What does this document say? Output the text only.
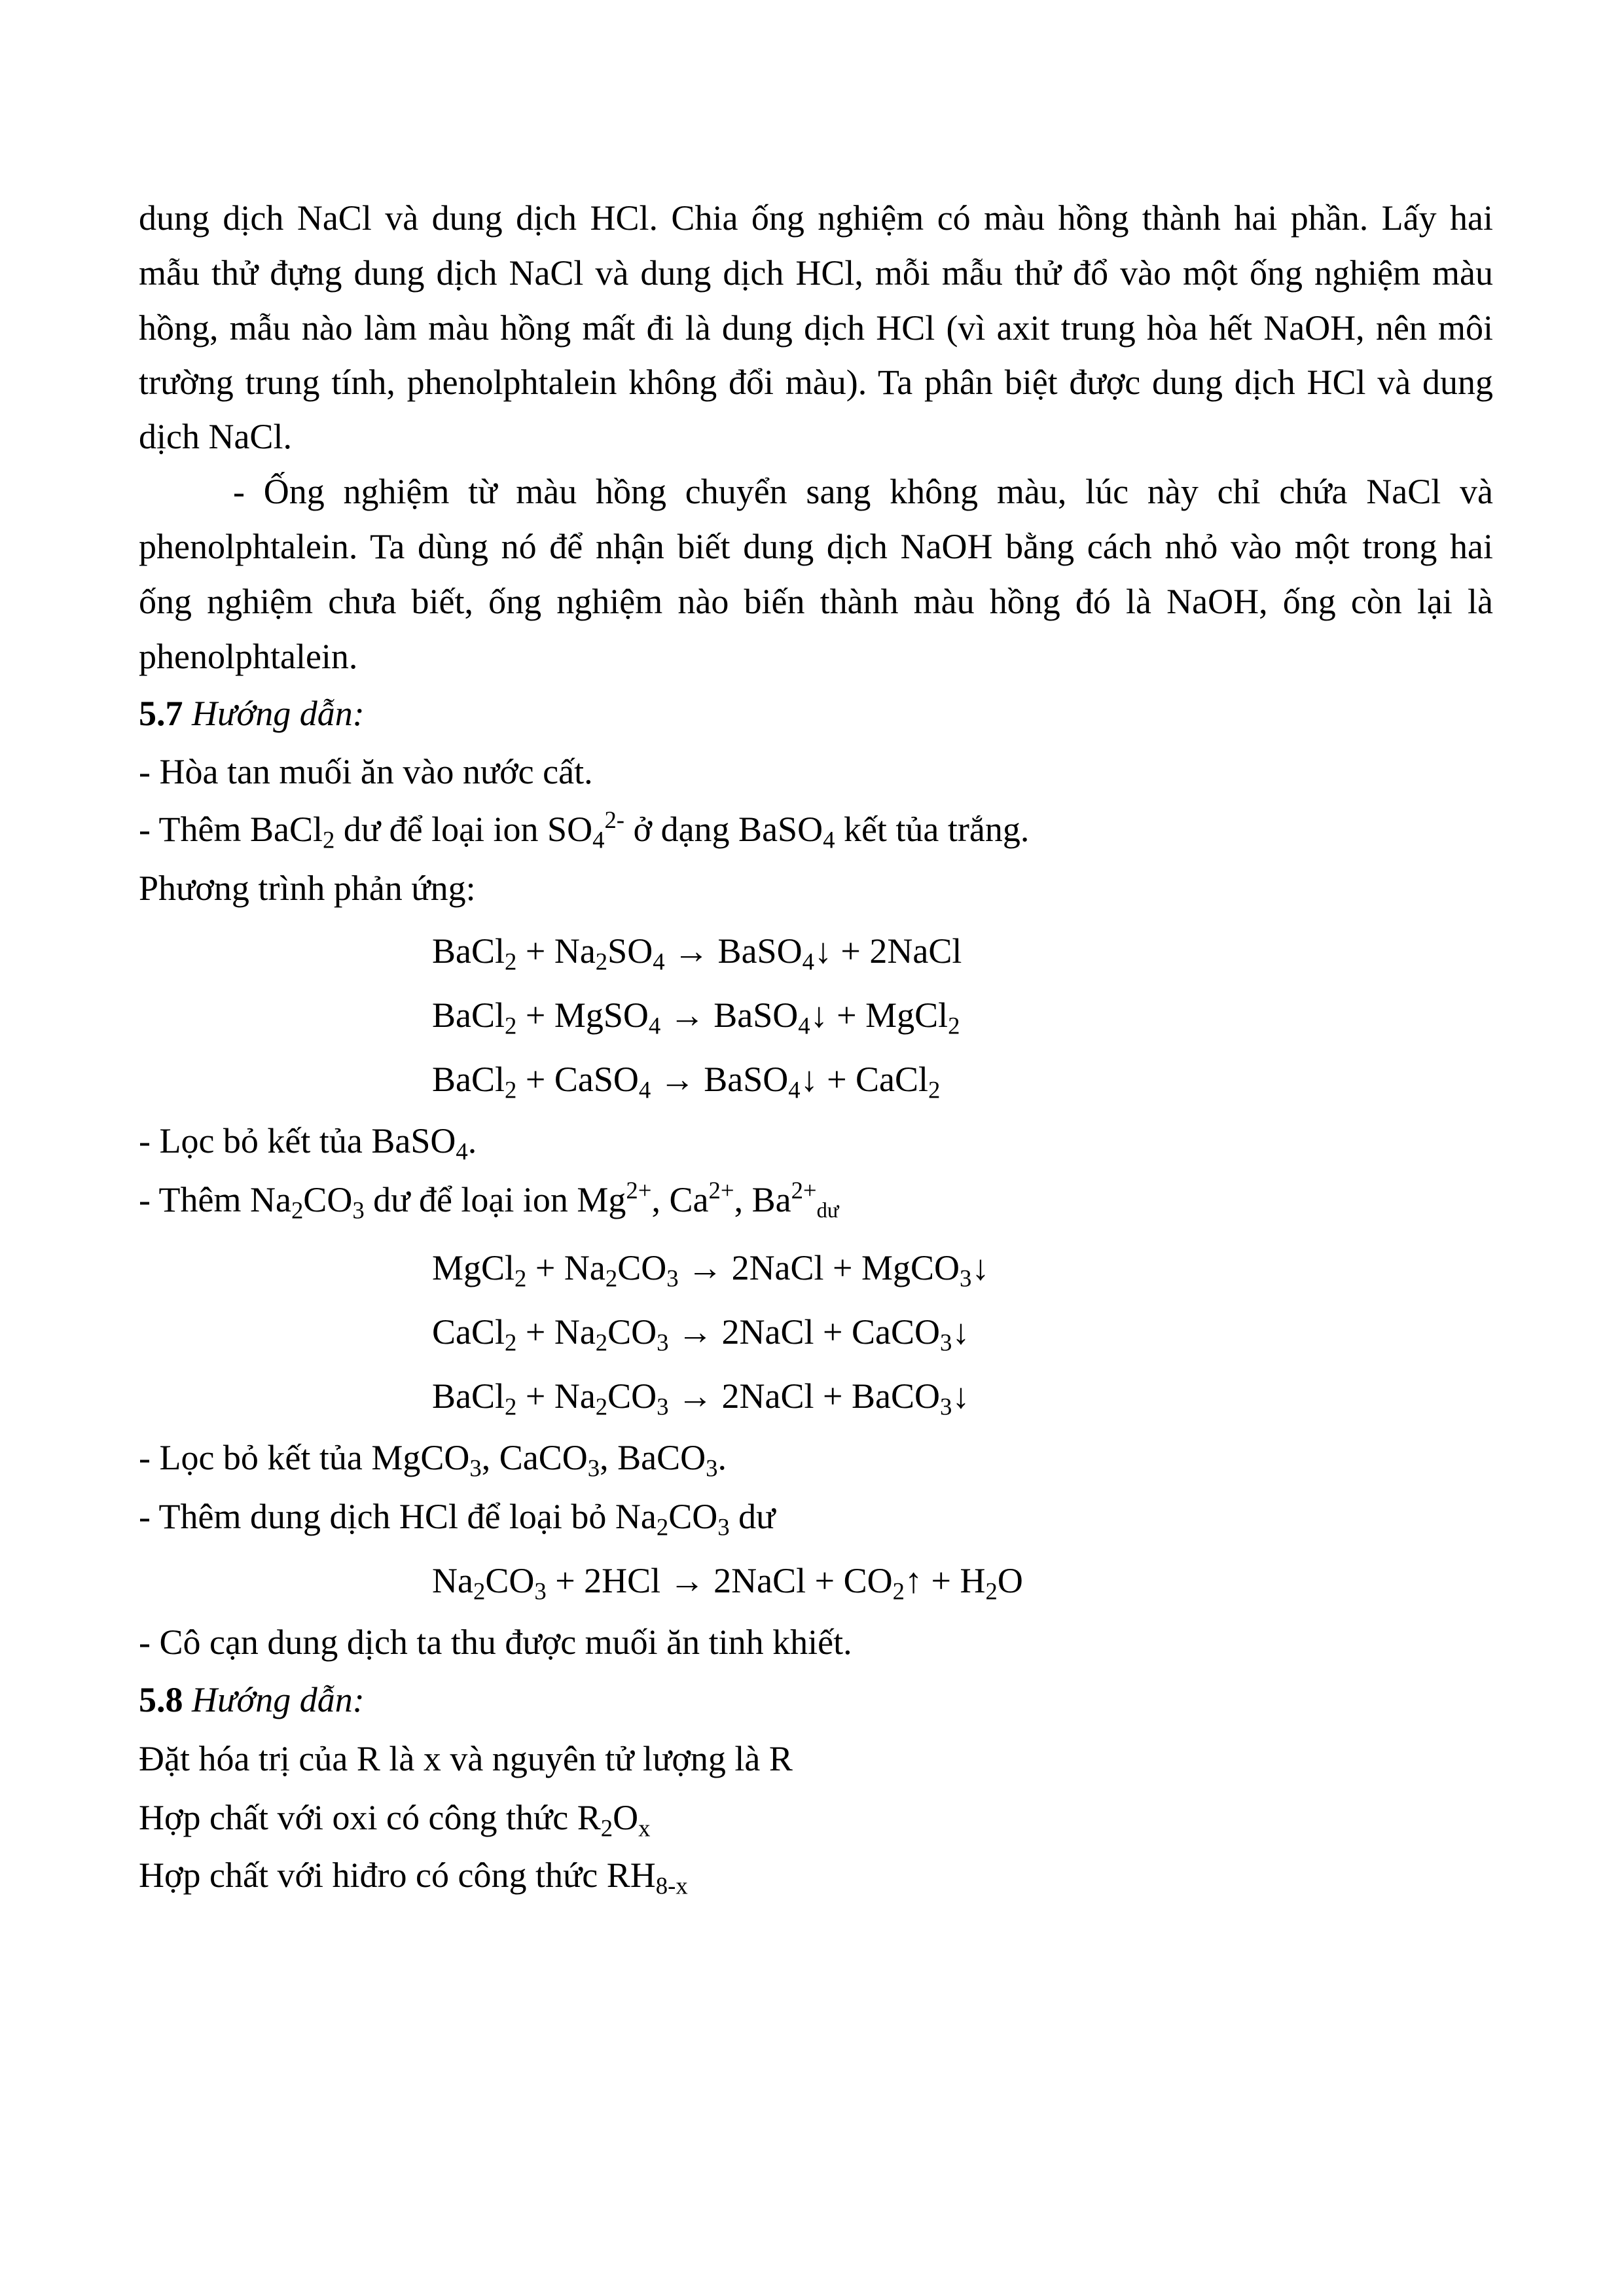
dung dịch NaCl và dung dịch HCl. Chia ống nghiệm có màu hồng thành hai phần. Lấy hai
mẫu thử đựng dung dịch NaCl và dung dịch HCl, mỗi mẫu thử đổ vào một ống nghiệm màu
hồng, mẫu nào làm màu hồng mất đi là dung dịch HCl (vì axit trung hòa hết NaOH, nên môi
trường trung tính, phenolphtalein không đổi màu). Ta phân biệt được dung dịch HCl và dung
dịch NaCl.
- Ống nghiệm từ màu hồng chuyển sang không màu, lúc này chỉ chứa NaCl và
phenolphtalein. Ta dùng nó để nhận biết dung dịch NaOH bằng cách nhỏ vào một trong hai
ống nghiệm chưa biết, ống nghiệm nào biến thành màu hồng đó là NaOH, ống còn lại là
phenolphtalein.
5.7 Hướng dẫn:
- Hòa tan muối ăn vào nước cất.
- Thêm BaCl$_2$ dư để loại ion $SO_4^{2-}$ ở dạng BaSO$_4$ kết tủa trắng.
Phương trình phản ứng:
BaCl$_2$ + $Na_2SO_4$ → BaSO$_4$↓ + 2NaCl
BaCl$_2$ + MgSO$_4$ → BaSO$_4$↓ + MgCl$_2$
BaCl$_2$ + CaSO$_4$ → BaSO$_4$↓ + CaCl$_2$
- Lọc bỏ kết tủa BaSO$_4$.
- Thêm $Na_2CO_3$ dư để loại ion $Mg^{2+}$, $Ca^{2+}$, $Ba^{2+}_{dư}$
MgCl$_2$ + $Na_2CO_3$ → 2NaCl + MgCO$_3$↓
CaCl$_2$ + $Na_2CO_3$ → 2NaCl + CaCO$_3$↓
BaCl$_2$ + $Na_2CO_3$ → 2NaCl + BaCO$_3$↓
- Lọc bỏ kết tủa MgCO$_3$, CaCO$_3$, BaCO$_3$.
- Thêm dung dịch HCl để loại bỏ $Na_2CO_3$ dư
$Na_2CO_3 + 2HCl$ → 2NaCl + $CO_2↑ + H_2O$
- Cô cạn dung dịch ta thu được muối ăn tinh khiết.
5.8 Hướng dẫn:
Đặt hóa trị của R là x và nguyên tử lượng là R
Hợp chất với oxi có công thức $R_2O_x$
Hợp chất với hiđro có công thức $RH_{8-x}$
